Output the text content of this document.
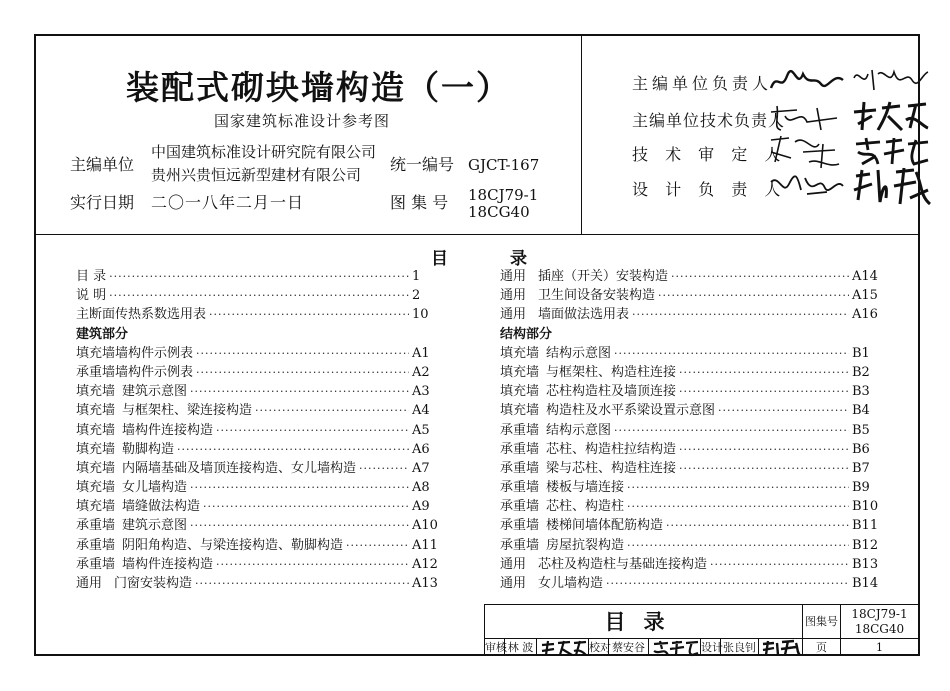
装配式砌块墙构造（一）
国家建筑标准设计参考图
主编单位
中国建筑标准设计研究院有限公司
贵州兴贵恒远新型建材有限公司
实行日期 二〇一八年二月一日
统一编号 GJCT-167
图 集 号 18CJ79-1
18CG40
主编单位负责人
主编单位技术负责人
技 术 审 定 人
设 计 负 责 人
目	录
目 录 ·····	1
说 明 ·····	2
主断面传热系数选用表 ·····	10
建筑部分
填充墙墙构件示例表 ·····	A1
承重墙墙构件示例表 ·····	A2
填充墙 建筑示意图 ·····	A3
填充墙 与框架柱、梁连接构造 ·····	A4
填充墙 墙构件连接构造 ·····	A5
填充墙 勒脚构造 ·····	A6
填充墙 内隔墙基础及墙顶连接构造、女儿墙构造 ·····	A7
填充墙 女儿墙构造 ·····	A8
填充墙 墙缝做法构造 ·····	A9
承重墙 建筑示意图 ·····	A10
承重墙 阴阳角构造、与梁连接构造、勒脚构造 ·····	A11
承重墙 墙构件连接构造 ·····	A12
通用 门窗安装构造 ·····	A13
通用 插座（开关）安装构造 ·····	A14
通用 卫生间设备安装构造 ·····	A15
通用 墙面做法选用表 ·····	A16
结构部分
填充墙 结构示意图 ·····	B1
填充墙 与框架柱、构造柱连接 ·····	B2
填充墙 芯柱构造柱及墙顶连接 ·····	B3
填充墙 构造柱及水平系梁设置示意图 ·····	B4
承重墙 结构示意图 ·····	B5
承重墙 芯柱、构造柱拉结构造 ·····	B6
承重墙 梁与芯柱、构造柱连接 ·····	B7
承重墙 楼板与墙连接 ·····	B9
承重墙 芯柱、构造柱 ·····	B10
承重墙 楼梯间墙体配筋构造 ·····	B11
承重墙 房屋抗裂构造 ·····	B12
通用 芯柱及构造柱与基础连接构造 ·····	B13
通用 女儿墙构造 ·····	B14
目录	图集号
18CJ79-1
18CG40
审核 林 波	校对 蔡安谷	设计 张良钊	页	1
